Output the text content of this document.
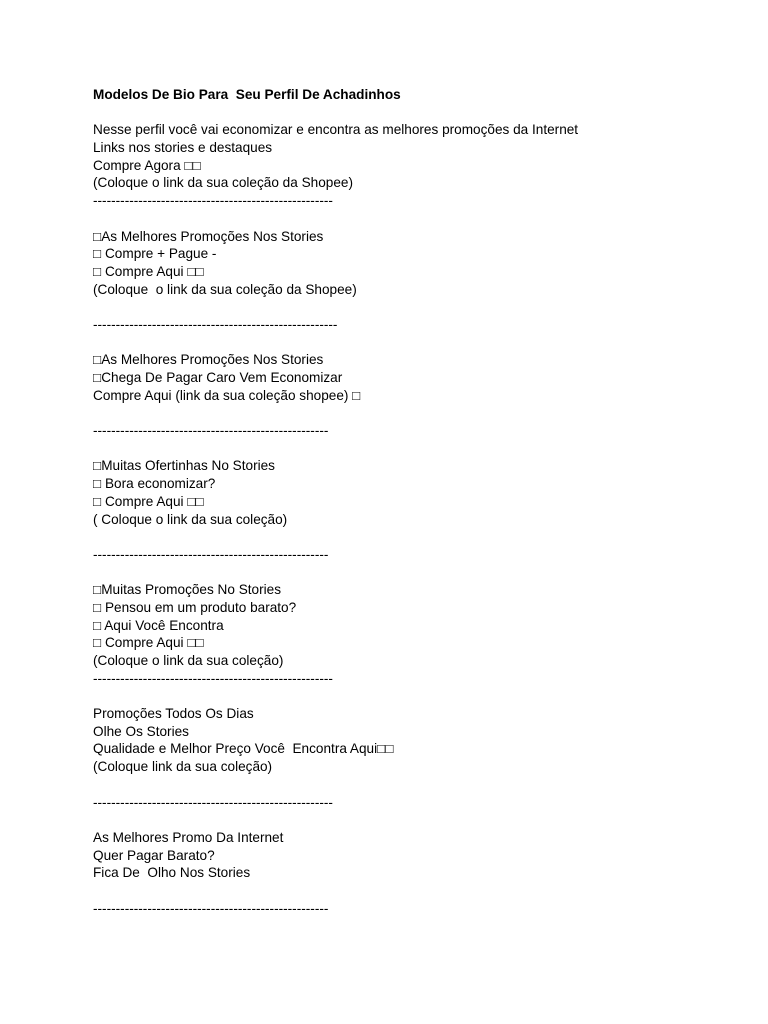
Modelos De Bio Para  Seu Perfil De Achadinhos
Nesse perfil você vai economizar e encontra as melhores promoções da Internet
Links nos stories e destaques
Compre Agora □□
(Coloque o link da sua coleção da Shopee)
-----------------------------------------------------
□As Melhores Promoções Nos Stories
□ Compre + Pague -
□ Compre Aqui □□
(Coloque  o link da sua coleção da Shopee)
------------------------------------------------------
□As Melhores Promoções Nos Stories
□Chega De Pagar Caro Vem Economizar
Compre Aqui (link da sua coleção shopee) □
----------------------------------------------------
□Muitas Ofertinhas No Stories
□ Bora economizar?
□ Compre Aqui □□
( Coloque o link da sua coleção)
----------------------------------------------------
□Muitas Promoções No Stories
□ Pensou em um produto barato?
□ Aqui Você Encontra
□ Compre Aqui □□
(Coloque o link da sua coleção)
-----------------------------------------------------
Promoções Todos Os Dias
Olhe Os Stories
Qualidade e Melhor Preço Você  Encontra Aqui□□
(Coloque link da sua coleção)
-----------------------------------------------------
As Melhores Promo Da Internet
Quer Pagar Barato?
Fica De  Olho Nos Stories
----------------------------------------------------
